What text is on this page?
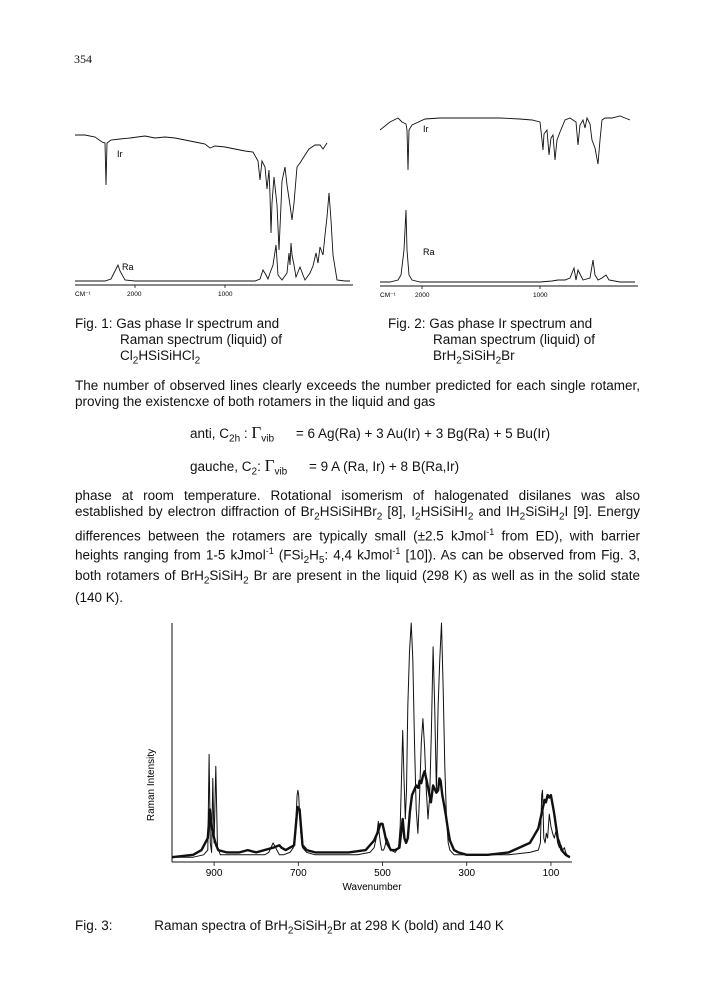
354
Ir
Ra
CM⁻¹	2000	1000
Fig. 1: Gas phase Ir spectrum and
Raman spectrum (liquid) of
$Cl_2HSiSiHCl_2$
Ir
Ra
CM⁻¹	2000	1000
Fig. 2: Gas phase Ir spectrum and
Raman spectrum (liquid) of
BrH$_2$SiSiH$_2$Br
The number of observed lines clearly exceeds the number predicted for each single rotamer, proving the existencxe of both rotamers in the liquid and gas
anti, $C_{2h}$ : $\Gamma_{vib} = 6$ Ag(Ra) + 3 Au(Ir) + 3 Bg(Ra) + 5 Bu(Ir)
gauche, $C_2$: $\Gamma_{vib} = 9$ A (Ra, Ir) + 8 B(Ra,Ir)
phase at room temperature. Rotational isomerism of halogenated disilanes was also established by electron diffraction of $Br_2HSiSiHBr_2$ [8], $I_2HSiSiHI_2$ and $IH_2SiSiH_2I$ [9]. Energy differences between the rotamers are typically small (±2.5 kJmol$^{-1}$ from ED), with barrier heights ranging from 1-5 kJmol$^{-1}$ ($FSi_2H_5$: 4,4 kJmol$^{-1}$ [10]). As can be observed from Fig. 3, both rotamers of BrH$_2$SiSiH$_2$ Br are present in the liquid (298 K) as well as in the solid state (140 K).
Raman Intensity
Wavenumber
900	700	500	300	100
Fig. 3:	Raman spectra of BrH$_2$SiSiH$_2$Br at 298 K (bold) and 140 K
